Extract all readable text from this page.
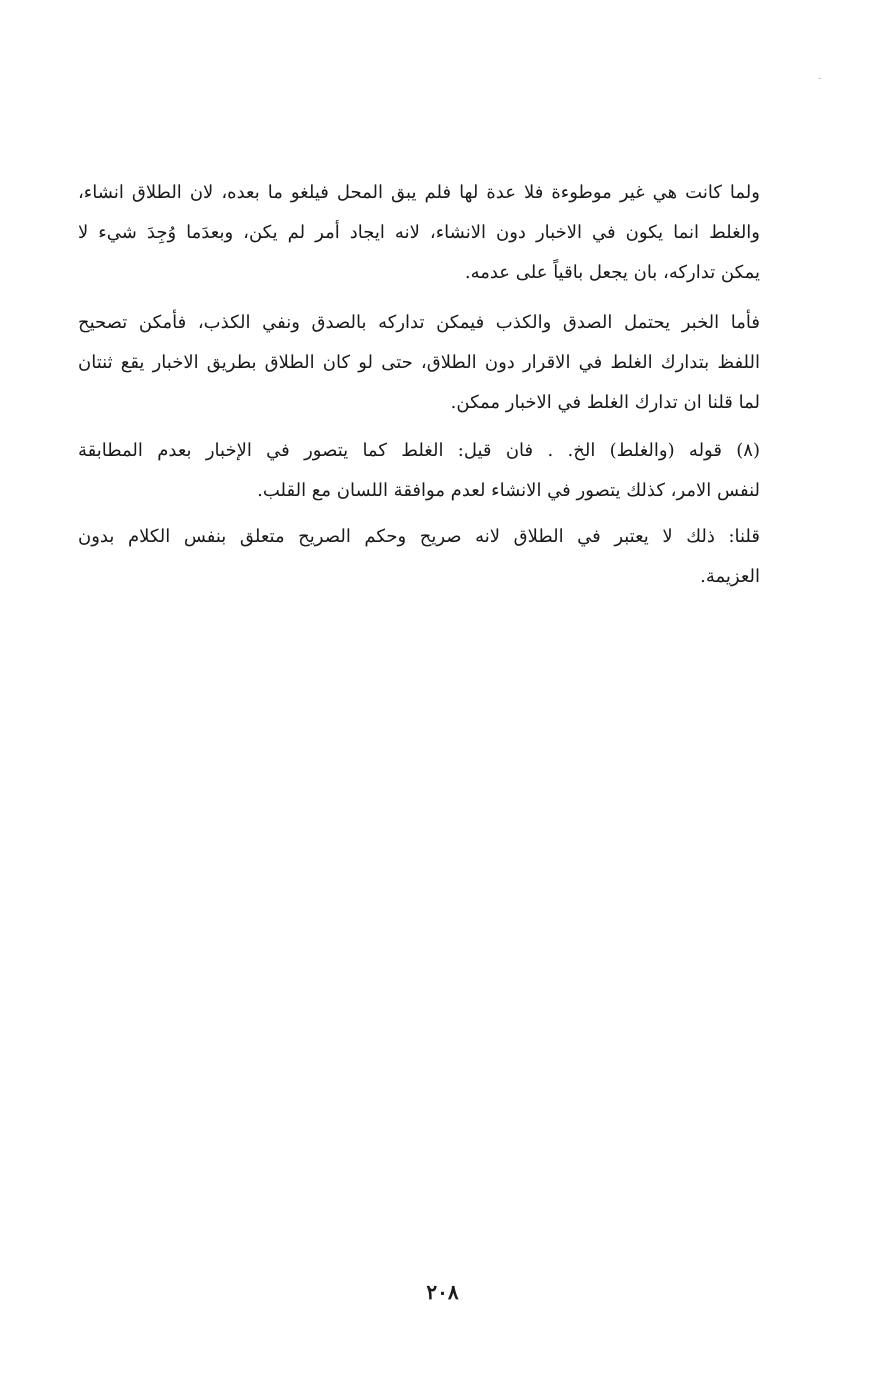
ولما كانت هي غير موطوءة فلا عدة لها فلم يبق المحل فيلغو ما بعده، لان الطلاق انشاء،
والغلط انما يكون في الاخبار دون الانشاء، لانه ايجاد أمر لم يكن، وبعدَما وُجِدَ شيء لا
يمكن تداركه، بان يجعل باقياً على عدمه.

فأما الخبر يحتمل الصدق والكذب فيمكن تداركه بالصدق ونفي الكذب، فأمكن تصحيح
اللفظ بتدارك الغلط في الاقرار دون الطلاق، حتى لو كان الطلاق بطريق الاخبار يقع ثنتان
لما قلنا ان تدارك الغلط في الاخبار ممكن.

(٨) قوله (والغلط) الخ. . فان قيل: الغلط كما يتصور في الإخبار بعدم المطابقة
لنفس الامر، كذلك يتصور في الانشاء لعدم موافقة اللسان مع القلب.

قلنا: ذلك لا يعتبر في الطلاق لانه صريح وحكم الصريح متعلق بنفس الكلام بدون
العزيمة.

٢٠٨
